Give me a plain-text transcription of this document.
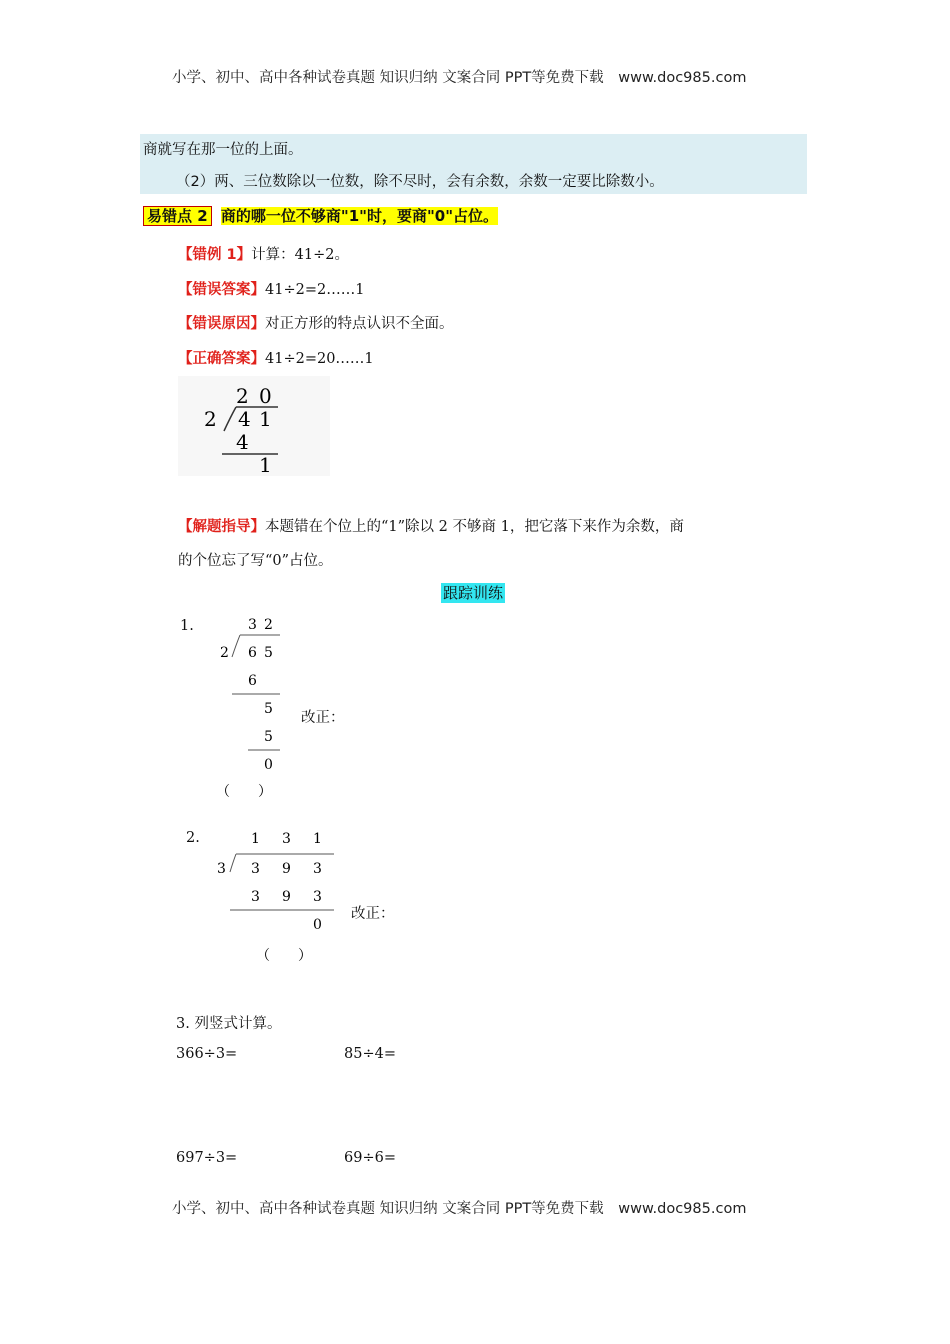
小学、初中、高中各种试卷真题 知识归纳 文案合同 PPT等免费下载 www.doc985.com
商就写在那一位的上面。
（2）两、三位数除以一位数，除不尽时，会有余数，余数一定要比除数小。
易错点 2 商的哪一位不够商"1"时，要商"0"占位。
【错例 1】计算：41÷2。
【错误答案】41÷2=2……1
【错误原因】对正方形的特点认识不全面。
【正确答案】41÷2=20……1
2 0
2 4 1
4
1
【解题指导】本题错在个位上的“1”除以 2 不够商 1，把它落下来作为余数，商
的个位忘了写“0”占位。
跟踪训练
1.	3 2
2 6 5
6
5
5
0
（　　）
改正：
2.	1 3 1
3 3 9 3
3 9 3
0
（　　）
改正：
3. 列竖式计算。
366÷3=	85÷4=
697÷3=	69÷6=
小学、初中、高中各种试卷真题 知识归纳 文案合同 PPT等免费下载 www.doc985.com
